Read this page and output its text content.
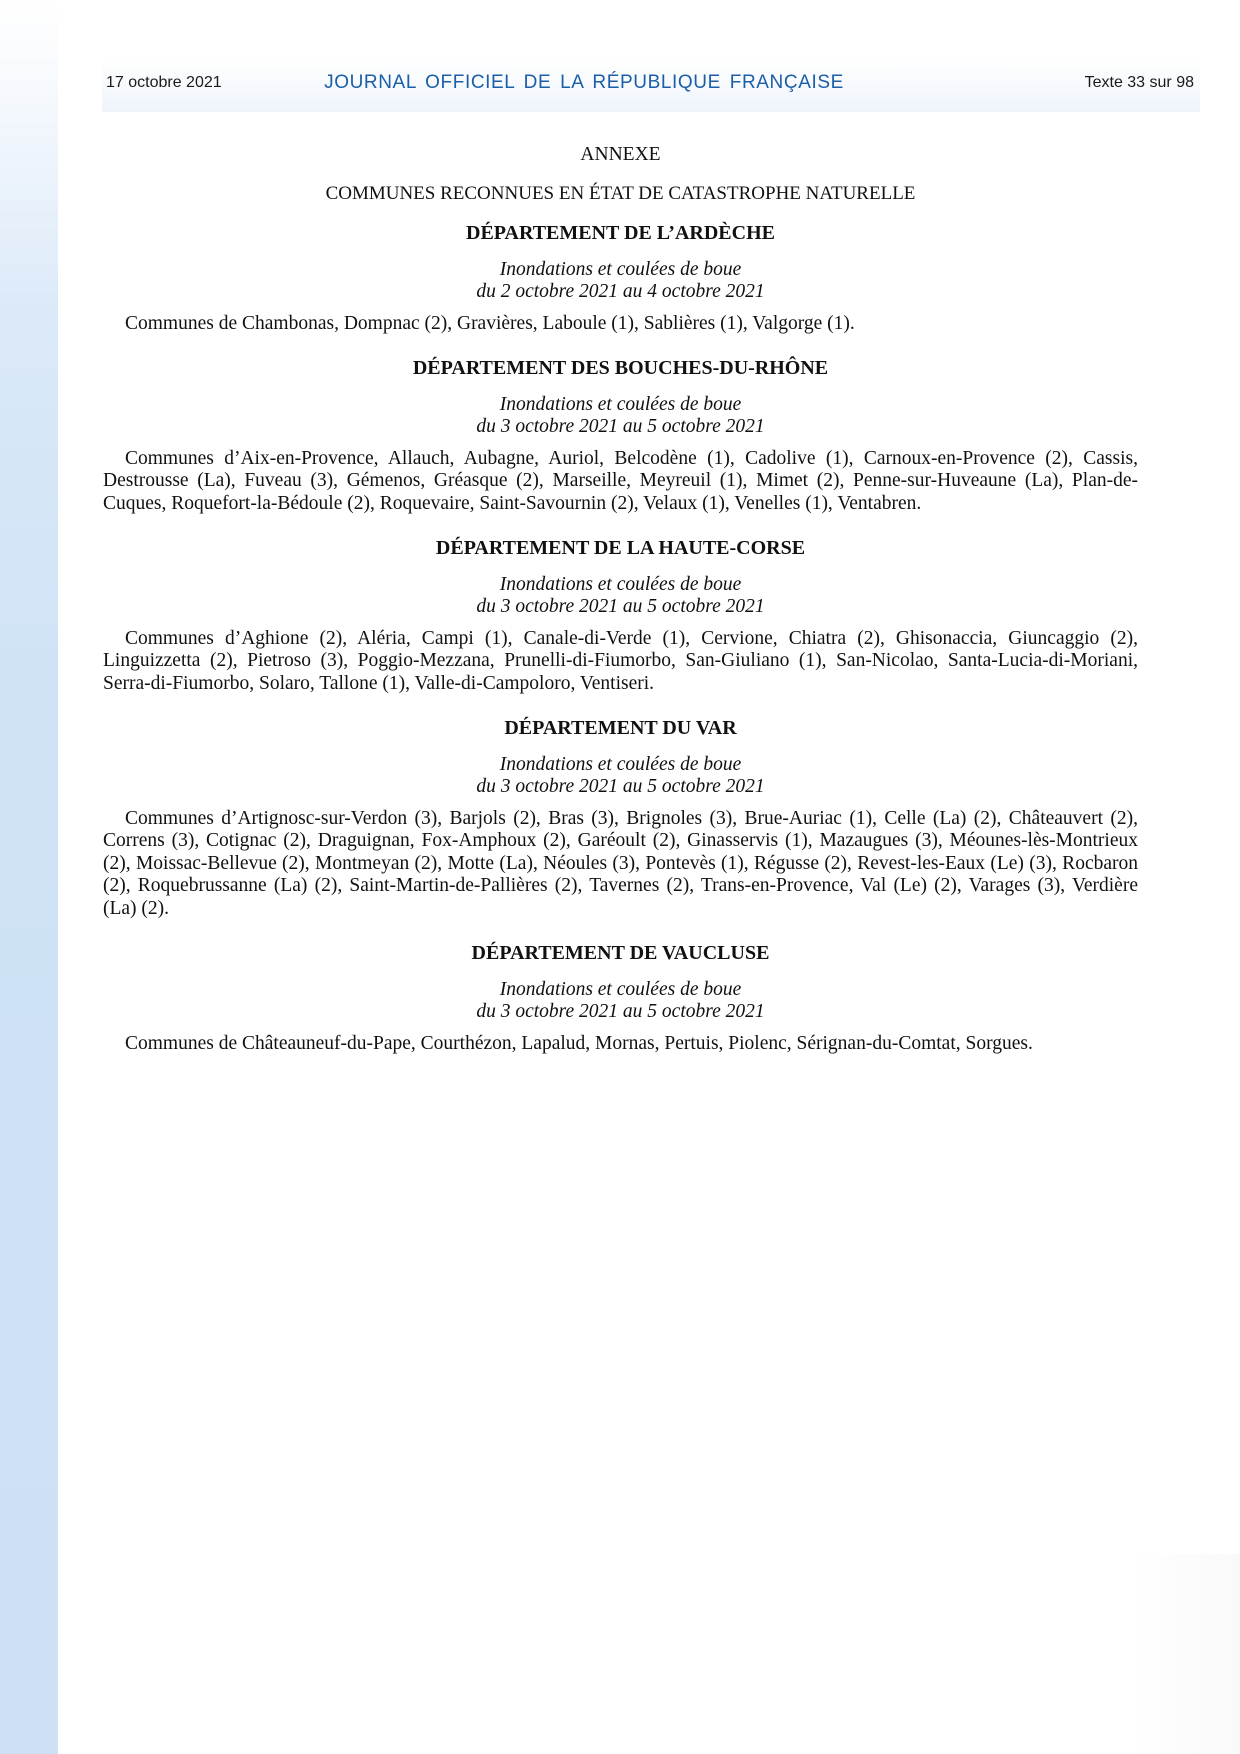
17 octobre 2021	JOURNAL OFFICIEL DE LA RÉPUBLIQUE FRANÇAISE	Texte 33 sur 98
ANNEXE
COMMUNES RECONNUES EN ÉTAT DE CATASTROPHE NATURELLE
DÉPARTEMENT DE L’ARDÈCHE
Inondations et coulées de boue
du 2 octobre 2021 au 4 octobre 2021

Communes de Chambonas, Dompnac (2), Gravières, Laboule (1), Sablières (1), Valgorge (1).

DÉPARTEMENT DES BOUCHES-DU-RHÔNE
Inondations et coulées de boue
du 3 octobre 2021 au 5 octobre 2021

Communes d’Aix-en-Provence, Allauch, Aubagne, Auriol, Belcodène (1), Cadolive (1), Carnoux-en-Provence (2), Cassis, Destrousse (La), Fuveau (3), Gémenos, Gréasque (2), Marseille, Meyreuil (1), Mimet (2), Penne-sur-Huveaune (La), Plan-de-Cuques, Roquefort-la-Bédoule (2), Roquevaire, Saint-Savournin (2), Velaux (1), Venelles (1), Ventabren.

DÉPARTEMENT DE LA HAUTE-CORSE
Inondations et coulées de boue
du 3 octobre 2021 au 5 octobre 2021

Communes d’Aghione (2), Aléria, Campi (1), Canale-di-Verde (1), Cervione, Chiatra (2), Ghisonaccia, Giuncaggio (2), Linguizzetta (2), Pietroso (3), Poggio-Mezzana, Prunelli-di-Fiumorbo, San-Giuliano (1), San-Nicolao, Santa-Lucia-di-Moriani, Serra-di-Fiumorbo, Solaro, Tallone (1), Valle-di-Campoloro, Ventiseri.

DÉPARTEMENT DU VAR
Inondations et coulées de boue
du 3 octobre 2021 au 5 octobre 2021

Communes d’Artignosc-sur-Verdon (3), Barjols (2), Bras (3), Brignoles (3), Brue-Auriac (1), Celle (La) (2), Châteauvert (2), Correns (3), Cotignac (2), Draguignan, Fox-Amphoux (2), Garéoult (2), Ginasservis (1), Mazaugues (3), Méounes-lès-Montrieux (2), Moissac-Bellevue (2), Montmeyan (2), Motte (La), Néoules (3), Pontevès (1), Régusse (2), Revest-les-Eaux (Le) (3), Rocbaron (2), Roquebrussanne (La) (2), Saint-Martin-de-Pallières (2), Tavernes (2), Trans-en-Provence, Val (Le) (2), Varages (3), Verdière (La) (2).

DÉPARTEMENT DE VAUCLUSE
Inondations et coulées de boue
du 3 octobre 2021 au 5 octobre 2021

Communes de Châteauneuf-du-Pape, Courthézon, Lapalud, Mornas, Pertuis, Piolenc, Sérignan-du-Comtat, Sorgues.
